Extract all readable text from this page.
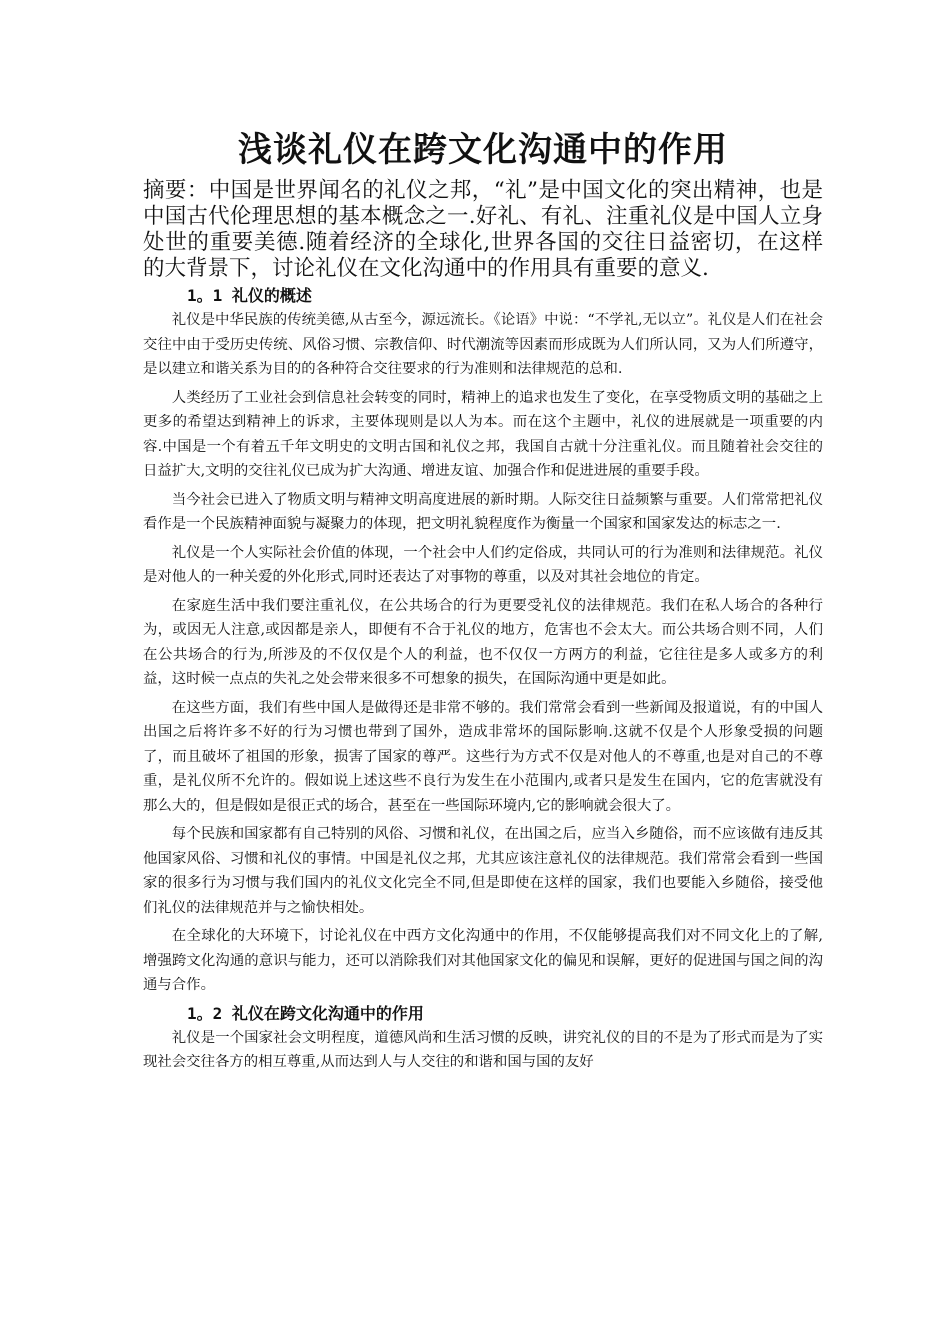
浅谈礼仪在跨文化沟通中的作用

摘要：中国是世界闻名的礼仪之邦，“礼”是中国文化的突出精神，也是中国古代伦理思想的基本概念之一.好礼、有礼、注重礼仪是中国人立身处世的重要美德.随着经济的全球化,世界各国的交往日益密切，在这样的大背景下，讨论礼仪在文化沟通中的作用具有重要的意义.

1。1 礼仪的概述

礼仪是中华民族的传统美德,从古至今，源远流长。《论语》中说：“不学礼,无以立”。礼仪是人们在社会交往中由于受历史传统、风俗习惯、宗教信仰、时代潮流等因素而形成既为人们所认同，又为人们所遵守，是以建立和谐关系为目的的各种符合交往要求的行为准则和法律规范的总和.

人类经历了工业社会到信息社会转变的同时，精神上的追求也发生了变化，在享受物质文明的基础之上更多的希望达到精神上的诉求，主要体现则是以人为本。而在这个主题中，礼仪的进展就是一项重要的内容.中国是一个有着五千年文明史的文明古国和礼仪之邦，我国自古就十分注重礼仪。而且随着社会交往的日益扩大,文明的交往礼仪已成为扩大沟通、增进友谊、加强合作和促进进展的重要手段。

当今社会已进入了物质文明与精神文明高度进展的新时期。人际交往日益频繁与重要。人们常常把礼仪看作是一个民族精神面貌与凝聚力的体现，把文明礼貌程度作为衡量一个国家和国家发达的标志之一.

礼仪是一个人实际社会价值的体现，一个社会中人们约定俗成，共同认可的行为准则和法律规范。礼仪是对他人的一种关爱的外化形式,同时还表达了对事物的尊重，以及对其社会地位的肯定。

在家庭生活中我们要注重礼仪，在公共场合的行为更要受礼仪的法律规范。我们在私人场合的各种行为，或因无人注意,或因都是亲人，即便有不合于礼仪的地方，危害也不会太大。而公共场合则不同，人们在公共场合的行为,所涉及的不仅仅是个人的利益，也不仅仅一方两方的利益，它往往是多人或多方的利益，这时候一点点的失礼之处会带来很多不可想象的损失，在国际沟通中更是如此。

在这些方面，我们有些中国人是做得还是非常不够的。我们常常会看到一些新闻及报道说，有的中国人出国之后将许多不好的行为习惯也带到了国外，造成非常坏的国际影响.这就不仅是个人形象受损的问题了，而且破坏了祖国的形象，损害了国家的尊严。这些行为方式不仅是对他人的不尊重,也是对自己的不尊重，是礼仪所不允许的。假如说上述这些不良行为发生在小范围内,或者只是发生在国内，它的危害就没有那么大的，但是假如是很正式的场合，甚至在一些国际环境内,它的影响就会很大了。

每个民族和国家都有自己特别的风俗、习惯和礼仪，在出国之后，应当入乡随俗，而不应该做有违反其他国家风俗、习惯和礼仪的事情。中国是礼仪之邦，尤其应该注意礼仪的法律规范。我们常常会看到一些国家的很多行为习惯与我们国内的礼仪文化完全不同,但是即使在这样的国家，我们也要能入乡随俗，接受他们礼仪的法律规范并与之愉快相处。

在全球化的大环境下，讨论礼仪在中西方文化沟通中的作用，不仅能够提高我们对不同文化上的了解,增强跨文化沟通的意识与能力，还可以消除我们对其他国家文化的偏见和误解，更好的促进国与国之间的沟通与合作。

1。2 礼仪在跨文化沟通中的作用

礼仪是一个国家社会文明程度，道德风尚和生活习惯的反映，讲究礼仪的目的不是为了形式而是为了实现社会交往各方的相互尊重,从而达到人与人交往的和谐和国与国的友好
